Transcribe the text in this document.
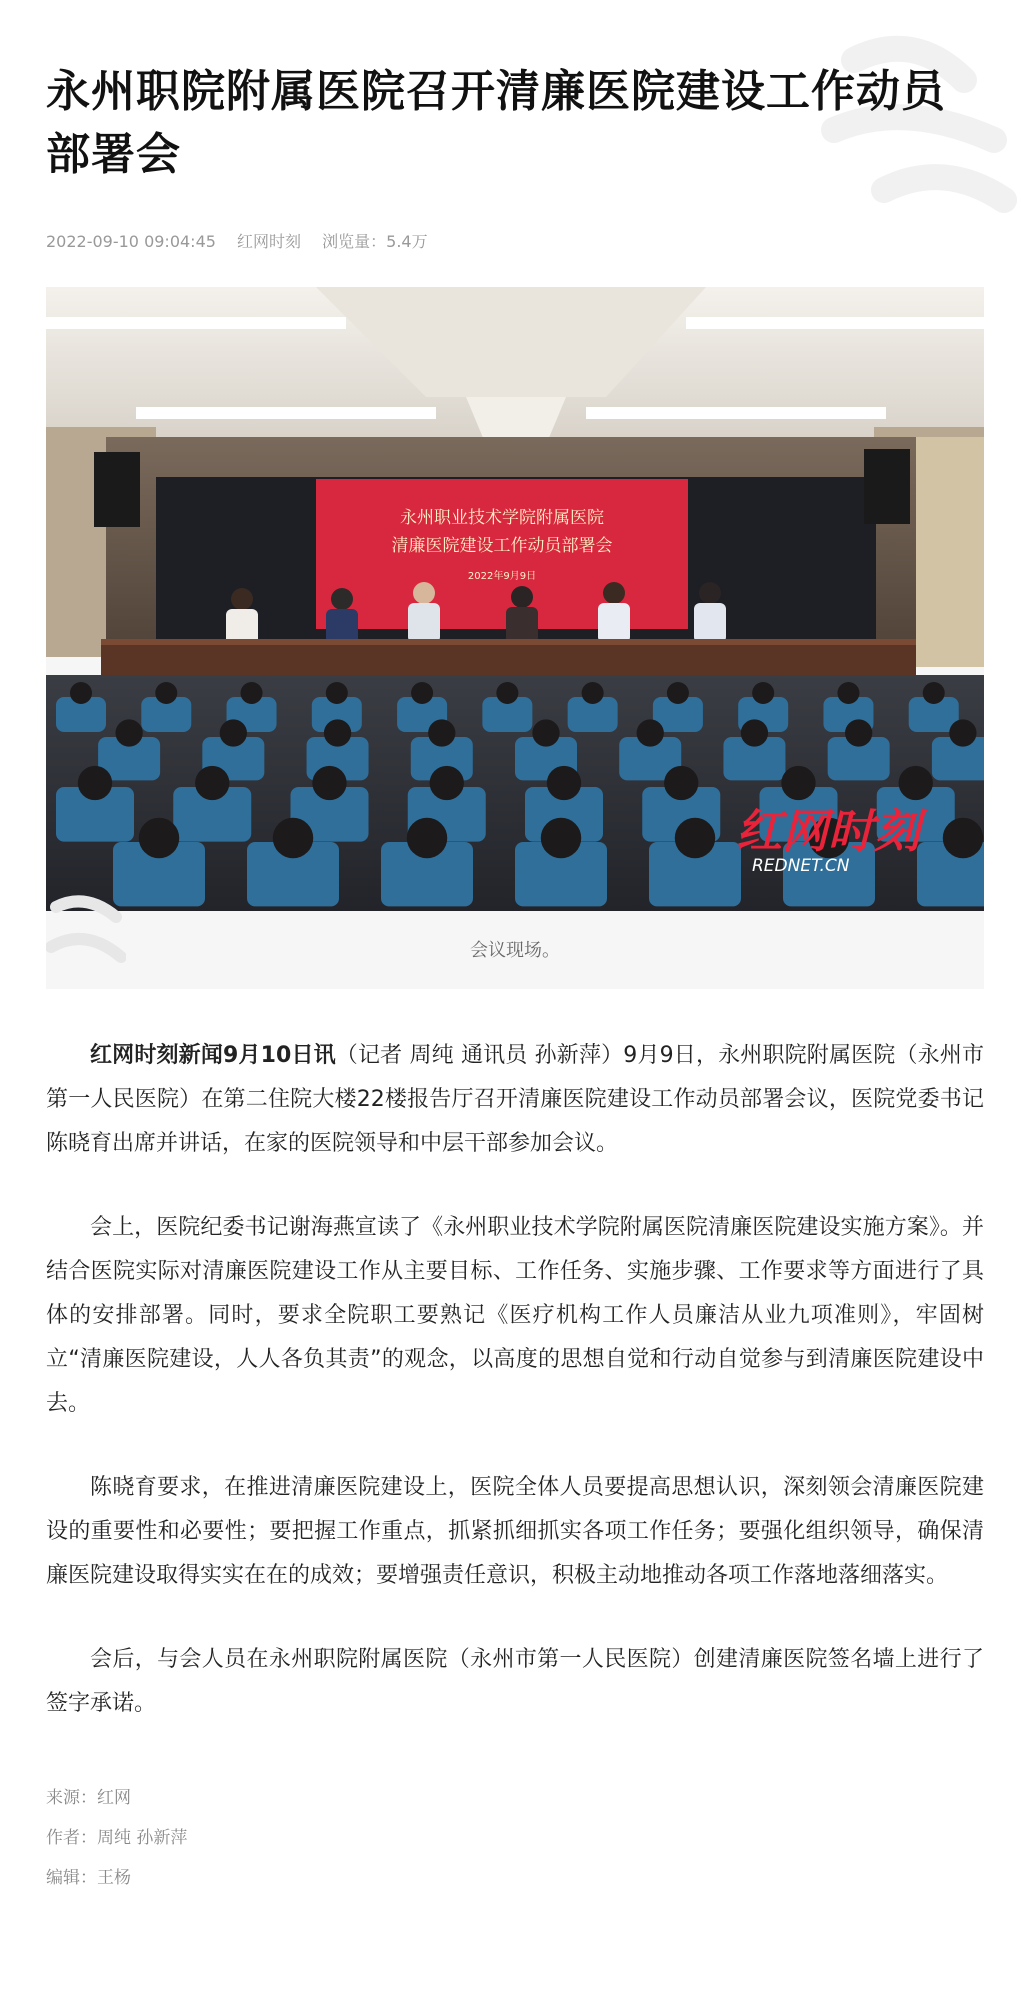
永州职院附属医院召开清廉医院建设工作动员部署会
2022-09-10 09:04:45 红网时刻 浏览量：5.4万
永州职业技术学院附属医院
清廉医院建设工作动员部署会
2022年9月9日
红网时刻
REDNET.CN
会议现场。

红网时刻新闻9月10日讯（记者 周纯 通讯员 孙新萍）9月9日，永州职院附属医院（永州市第一人民医院）在第二住院大楼22楼报告厅召开清廉医院建设工作动员部署会议，医院党委书记陈晓育出席并讲话，在家的医院领导和中层干部参加会议。

会上，医院纪委书记谢海燕宣读了《永州职业技术学院附属医院清廉医院建设实施方案》。并结合医院实际对清廉医院建设工作从主要目标、工作任务、实施步骤、工作要求等方面进行了具体的安排部署。同时，要求全院职工要熟记《医疗机构工作人员廉洁从业九项准则》，牢固树立“清廉医院建设，人人各负其责”的观念，以高度的思想自觉和行动自觉参与到清廉医院建设中去。

陈晓育要求，在推进清廉医院建设上，医院全体人员要提高思想认识，深刻领会清廉医院建设的重要性和必要性；要把握工作重点，抓紧抓细抓实各项工作任务；要强化组织领导，确保清廉医院建设取得实实在在的成效；要增强责任意识，积极主动地推动各项工作落地落细落实。

会后，与会人员在永州职院附属医院（永州市第一人民医院）创建清廉医院签名墙上进行了签字承诺。

来源：红网
作者：周纯 孙新萍
编辑：王杨
